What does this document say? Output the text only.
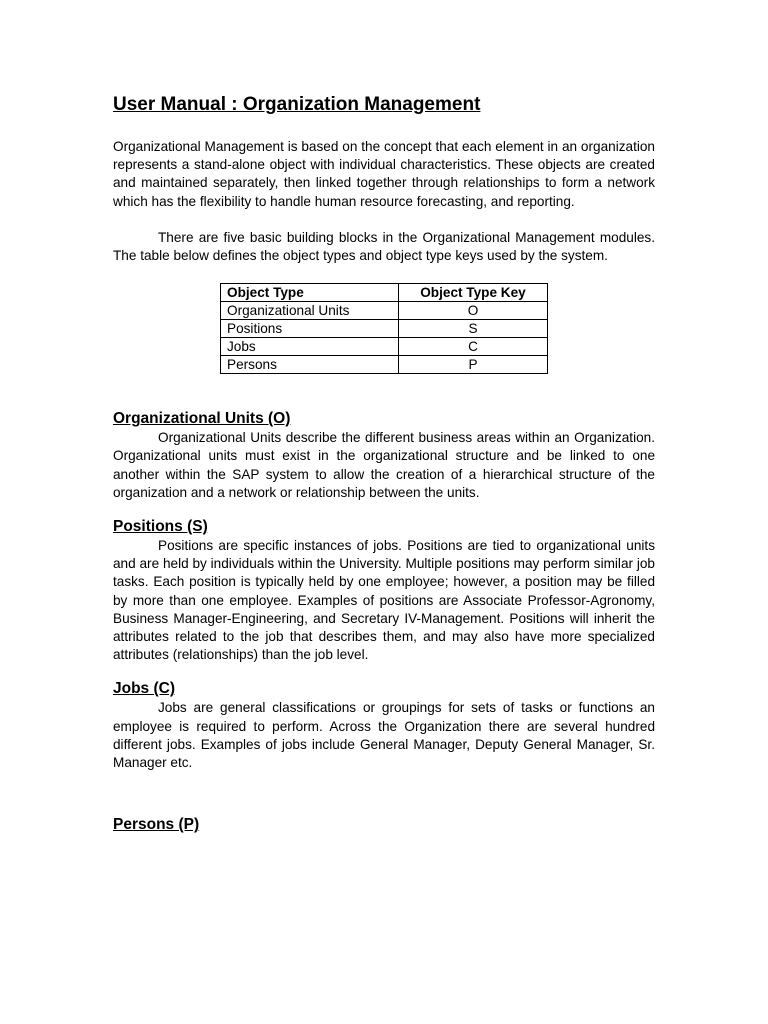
User Manual : Organization Management

Organizational Management is based on the concept that each element in an organization represents a stand-alone object with individual characteristics. These objects are created and maintained separately, then linked together through relationships to form a network which has the flexibility to handle human resource forecasting, and reporting.

There are five basic building blocks in the Organizational Management modules. The table below defines the object types and object type keys used by the system.

Object Type	Object Type Key
Organizational Units	O
Positions	S
Jobs	C
Persons	P
Organizational Units (O)

Organizational Units describe the different business areas within an Organization. Organizational units must exist in the organizational structure and be linked to one another within the SAP system to allow the creation of a hierarchical structure of the organization and a network or relationship between the units.

Positions (S)

Positions are specific instances of jobs. Positions are tied to organizational units and are held by individuals within the University. Multiple positions may perform similar job tasks. Each position is typically held by one employee; however, a position may be filled by more than one employee. Examples of positions are Associate Professor-Agronomy, Business Manager-Engineering, and Secretary IV-Management. Positions will inherit the attributes related to the job that describes them, and may also have more specialized attributes (relationships) than the job level.

Jobs (C)

Jobs are general classifications or groupings for sets of tasks or functions an employee is required to perform. Across the Organization there are several hundred different jobs. Examples of jobs include General Manager, Deputy General Manager, Sr. Manager etc.

Persons (P)
